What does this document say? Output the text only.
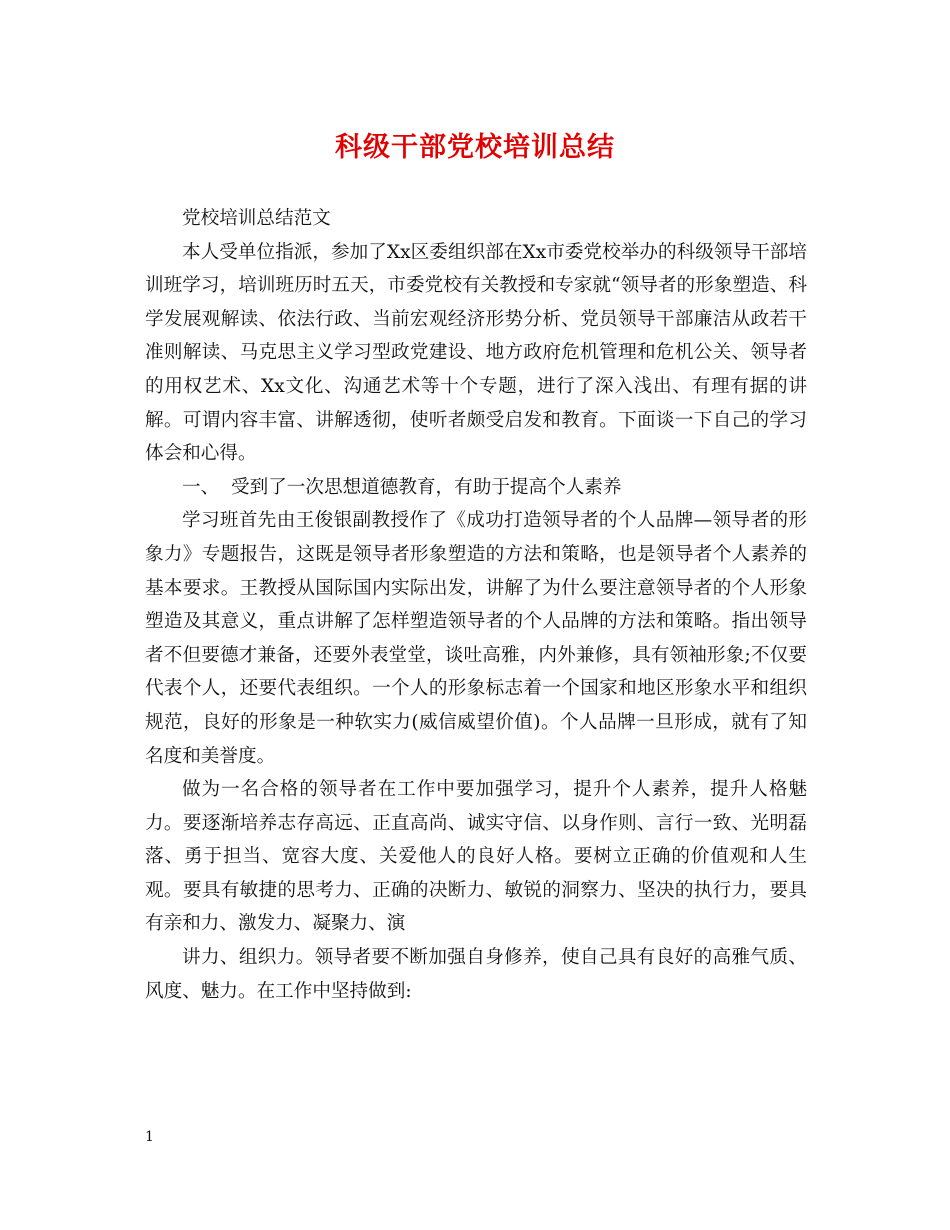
科级干部党校培训总结

党校培训总结范文

本人受单位指派，参加了Xx区委组织部在Xx市委党校举办的科级领导干部培训班学习，培训班历时五天，市委党校有关教授和专家就“领导者的形象塑造、科学发展观解读、依法行政、当前宏观经济形势分析、党员领导干部廉洁从政若干准则解读、马克思主义学习型政党建设、地方政府危机管理和危机公关、领导者的用权艺术、Xx文化、沟通艺术等十个专题，进行了深入浅出、有理有据的讲解。可谓内容丰富、讲解透彻，使听者颇受启发和教育。下面谈一下自己的学习体会和心得。

一、  受到了一次思想道德教育，有助于提高个人素养

学习班首先由王俊银副教授作了《成功打造领导者的个人品牌—领导者的形象力》专题报告，这既是领导者形象塑造的方法和策略，也是领导者个人素养的基本要求。王教授从国际国内实际出发，讲解了为什么要注意领导者的个人形象塑造及其意义，重点讲解了怎样塑造领导者的个人品牌的方法和策略。指出领导者不但要德才兼备，还要外表堂堂，谈吐高雅，内外兼修，具有领袖形象;不仅要代表个人，还要代表组织。一个人的形象标志着一个国家和地区形象水平和组织规范，良好的形象是一种软实力(威信威望价值)。个人品牌一旦形成，就有了知名度和美誉度。

做为一名合格的领导者在工作中要加强学习，提升个人素养，提升人格魅力。要逐渐培养志存高远、正直高尚、诚实守信、以身作则、言行一致、光明磊落、勇于担当、宽容大度、关爱他人的良好人格。要树立正确的价值观和人生观。要具有敏捷的思考力、正确的决断力、敏锐的洞察力、坚决的执行力，要具有亲和力、激发力、凝聚力、演

讲力、组织力。领导者要不断加强自身修养，使自己具有良好的高雅气质、风度、魅力。在工作中坚持做到:

1
